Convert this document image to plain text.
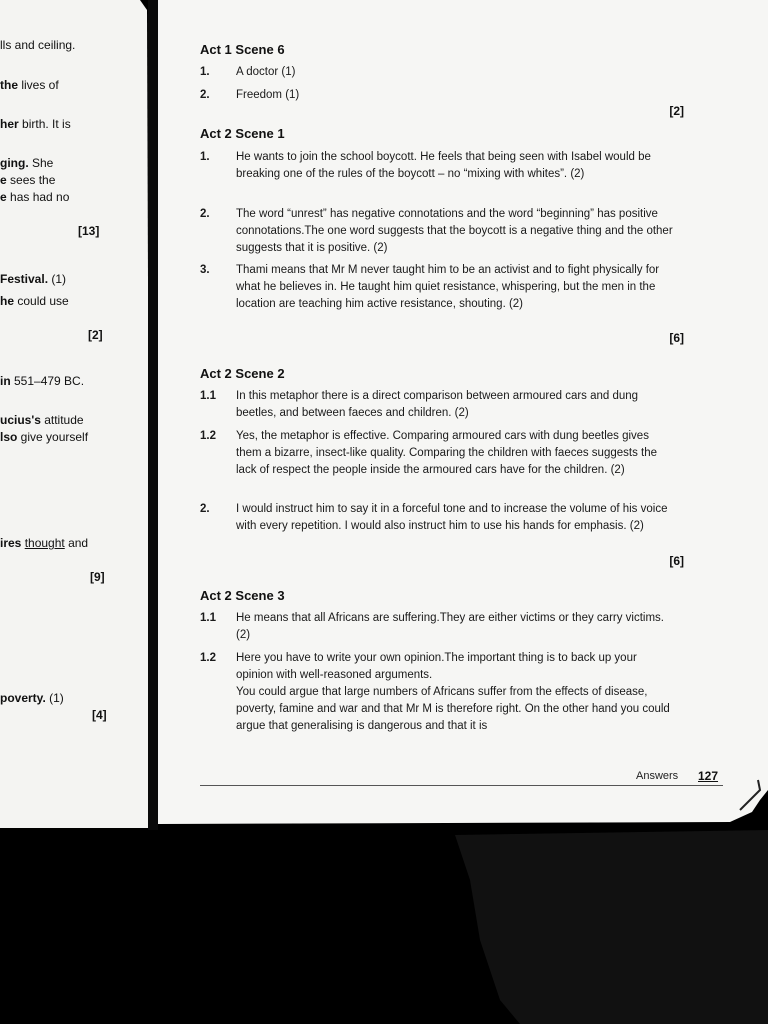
lls and ceiling.
the lives of
her birth. It is
ging. She
e sees the
e has had no
[13]
Festival. (1)
he could use
[2]
in 551–479 BC.
ucius's attitude
lso give yourself
ires thought and
[9]
poverty. (1)
[4]
Act 1 Scene 6
1. A doctor (1)
2. Freedom (1)
[2]
Act 2 Scene 1
1. He wants to join the school boycott. He feels that being seen with Isabel would be breaking one of the rules of the boycott – no “mixing with whites”. (2)
2. The word “unrest” has negative connotations and the word “beginning” has positive connotations.The one word suggests that the boycott is a negative thing and the other suggests that it is positive. (2)
3. Thami means that Mr M never taught him to be an activist and to fight physically for what he believes in. He taught him quiet resistance, whispering, but the men in the location are teaching him active resistance, shouting. (2)
[6]
Act 2 Scene 2
1.1 In this metaphor there is a direct comparison between armoured cars and dung beetles, and between faeces and children. (2)
1.2 Yes, the metaphor is effective. Comparing armoured cars with dung beetles gives them a bizarre, insect-like quality. Comparing the children with faeces suggests the lack of respect the people inside the armoured cars have for the children. (2)
2. I would instruct him to say it in a forceful tone and to increase the volume of his voice with every repetition. I would also instruct him to use his hands for emphasis. (2)
[6]
Act 2 Scene 3
1.1 He means that all Africans are suffering.They are either victims or they carry victims. (2)
1.2 Here you have to write your own opinion.The important thing is to back up your opinion with well-reasoned arguments.
You could argue that large numbers of Africans suffer from the effects of disease, poverty, famine and war and that Mr M is therefore right. On the other hand you could argue that generalising is dangerous and that it is
Answers 127
